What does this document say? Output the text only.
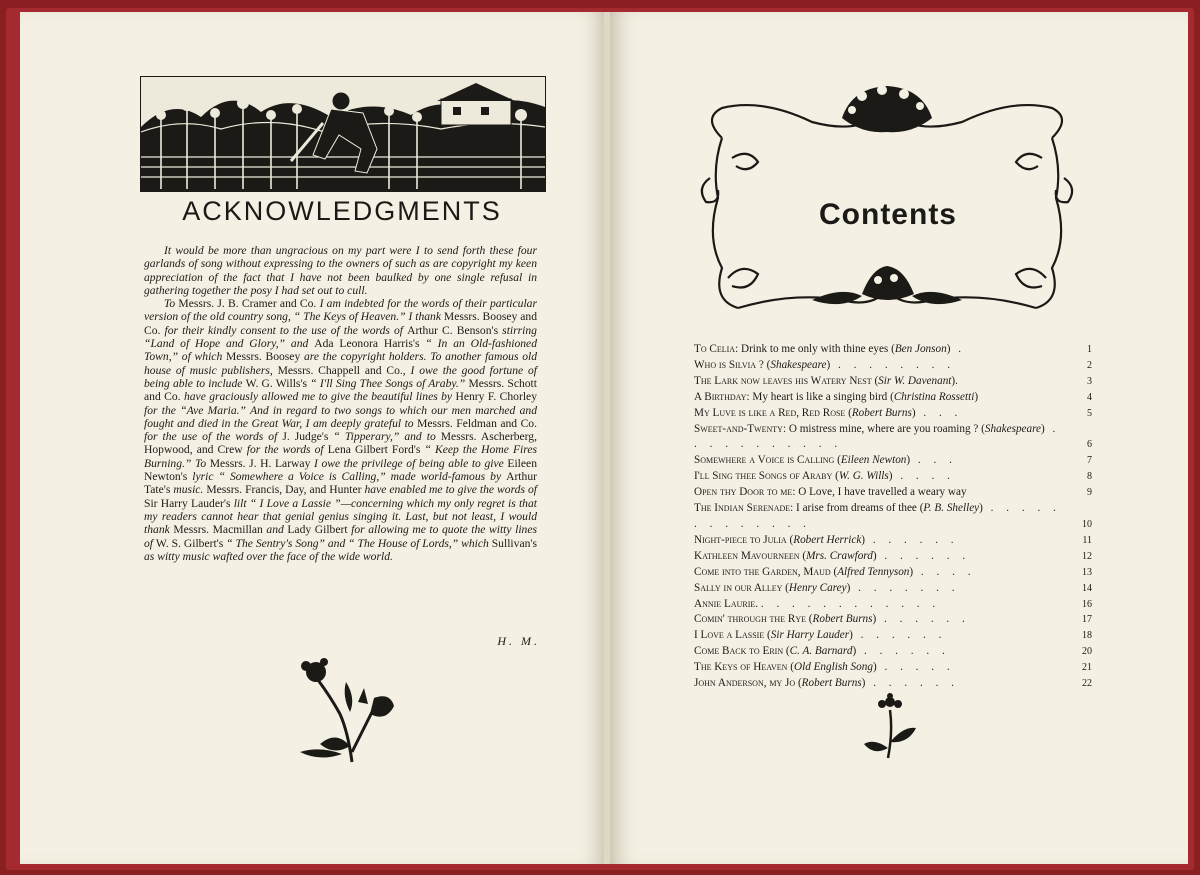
ACKNOWLEDGMENTS

It would be more than ungracious on my part were I to send forth these four garlands of song without expressing to the owners of such as are copyright my keen appreciation of the fact that I have not been baulked by one single refusal in gathering together the posy I had set out to cull.

To Messrs. J. B. Cramer and Co. I am indebted for the words of their particular version of the old country song, “ The Keys of Heaven.” I thank Messrs. Boosey and Co. for their kindly consent to the use of the words of Arthur C. Benson's stirring “Land of Hope and Glory,” and Ada Leonora Harris's “ In an Old-fashioned Town,” of which Messrs. Boosey are the copyright holders. To another famous old house of music publishers, Messrs. Chappell and Co., I owe the good fortune of being able to include W. G. Wills's “ I'll Sing Thee Songs of Araby.” Messrs. Schott and Co. have graciously allowed me to give the beautiful lines by Henry F. Chorley for the “Ave Maria.” And in regard to two songs to which our men marched and fought and died in the Great War, I am deeply grateful to Messrs. Feldman and Co. for the use of the words of J. Judge's “ Tipperary,” and to Messrs. Ascherberg, Hopwood, and Crew for the words of Lena Gilbert Ford's “ Keep the Home Fires Burning.” To Messrs. J. H. Larway I owe the privilege of being able to give Eileen Newton's lyric “ Somewhere a Voice is Calling,” made world-famous by Arthur Tate's music. Messrs. Francis, Day, and Hunter have enabled me to give the words of Sir Harry Lauder's lilt “ I Love a Lassie ”—concerning which my only regret is that my readers cannot hear that genial genius singing it. Last, but not least, I would thank Messrs. Macmillan and Lady Gilbert for allowing me to quote the witty lines of W. S. Gilbert's “ The Sentry's Song” and “ The House of Lords,” which Sullivan's as witty music wafted over the face of the wide world.

H. M.
Contents
To Celia: Drink to me only with thine eyes (Ben Jonson) .	1
Who is Silvia ? (Shakespeare) . . . . . . . .	2
The Lark now leaves his Watery Nest (Sir W. Davenant).	3
A Birthday: My heart is like a singing bird (Christina Rossetti)	4
My Luve is like a Red, Red Rose (Robert Burns) . . .	5
Sweet-and-Twenty: O mistress mine, where are you roaming ? (Shakespeare) . . . . . . . . . . .	6
Somewhere a Voice is Calling (Eileen Newton) . . .	7
I'll Sing thee Songs of Araby (W. G. Wills) . . . .	8
Open thy Door to me: O Love, I have travelled a weary way	9
The Indian Serenade: I arise from dreams of thee (P. B. Shelley) . . . . . . . . . . . . .	10
Night-piece to Julia (Robert Herrick) . . . . . .	11
Kathleen Mavourneen (Mrs. Crawford) . . . . . .	12
Come into the Garden, Maud (Alfred Tennyson) . . . .	13
Sally in our Alley (Henry Carey) . . . . . . .	14
Annie Laurie. . . . . . . . . . . . .	16
Comin' through the Rye (Robert Burns) . . . . . .	17
I Love a Lassie (Sir Harry Lauder) . . . . . .	18
Come Back to Erin (C. A. Barnard) . . . . . .	20
The Keys of Heaven (Old English Song) . . . . .	21
John Anderson, my Jo (Robert Burns) . . . . . .	22
